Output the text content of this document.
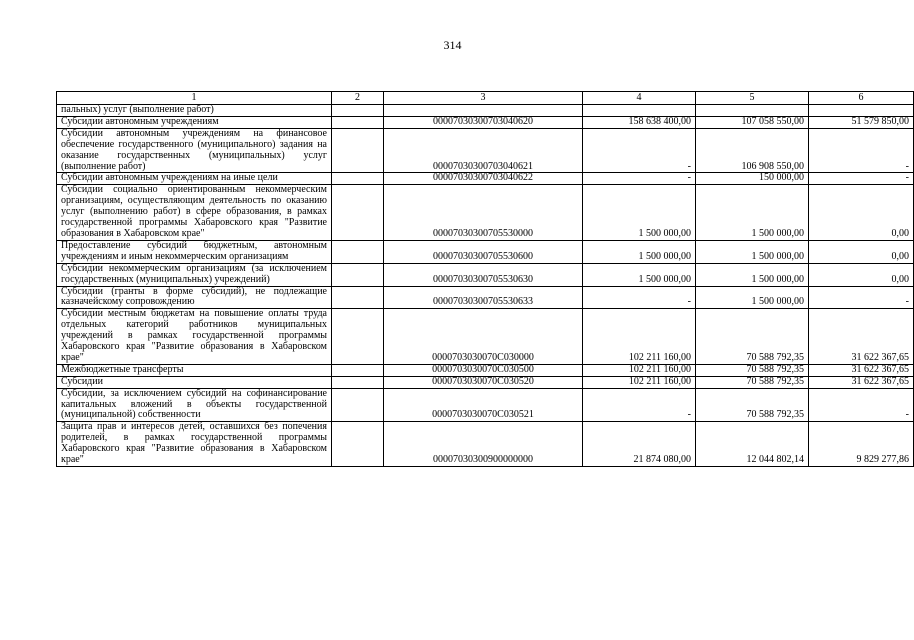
314
1	2	3	4	5	6
пальных) услуг (выполнение работ)					
Субсидии автономным учреждениям		00007030300703040620	158 638 400,00	107 058 550,00	51 579 850,00
Субсидии автономным учреждениям на финансовое обеспечение государственного (муниципального) задания на оказание государственных (муниципальных) услуг (выполнение работ)		00007030300703040621	-	106 908 550,00	-
Субсидии автономным учреждениям на иные цели		00007030300703040622	-	150 000,00	-
Субсидии социально ориентированным некоммерческим организациям, осуществляющим деятельность по оказанию услуг (выполнению работ) в сфере образования, в рамках государственной программы Хабаровского края "Развитие образования в Хабаровском крае"		00007030300705530000	1 500 000,00	1 500 000,00	0,00
Предоставление субсидий бюджетным, автономным учреждениям и иным некоммерческим организациям		00007030300705530600	1 500 000,00	1 500 000,00	0,00
Субсидии некоммерческим организациям (за исключением государственных (муниципальных) учреждений)		00007030300705530630	1 500 000,00	1 500 000,00	0,00
Субсидии (гранты в форме субсидий), не подлежащие казначейскому сопровождению		00007030300705530633	-	1 500 000,00	-
Субсидии местным бюджетам на повышение оплаты труда отдельных категорий работников муниципальных учреждений в рамках государственной программы Хабаровского края "Развитие образования в Хабаровском крае"		0000703030070C030000	102 211 160,00	70 588 792,35	31 622 367,65
Межбюджетные трансферты		0000703030070C030500	102 211 160,00	70 588 792,35	31 622 367,65
Субсидии		0000703030070C030520	102 211 160,00	70 588 792,35	31 622 367,65
Субсидии, за исключением субсидий на софинансирование капитальных вложений в объекты государственной (муниципальной) собственности		0000703030070C030521	-	70 588 792,35	-
Защита прав и интересов детей, оставшихся без попечения родителей, в рамках государственной программы Хабаровского края "Развитие образования в Хабаровском крае"		00007030300900000000	21 874 080,00	12 044 802,14	9 829 277,86
